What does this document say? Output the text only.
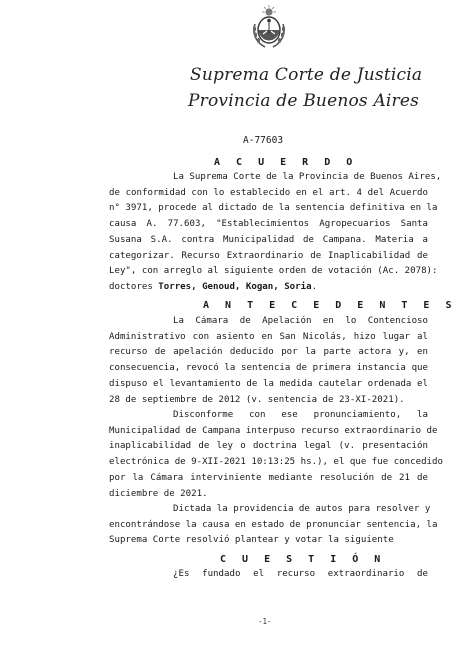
Suprema Corte de Justicia
Provincia de Buenos Aires
A-77603
A C U E R D O
La Suprema Corte de la Provincia de Buenos Aires,
de conformidad con lo establecido en el art. 4 del Acuerdo
n° 3971, procede al dictado de la sentencia definitiva en la
causa A. 77.603, "Establecimientos Agropecuarios Santa
Susana S.A. contra Municipalidad de Campana. Materia a
categorizar. Recurso Extraordinario de Inaplicabilidad de
Ley", con arreglo al siguiente orden de votación (Ac. 2078):
doctores Torres, Genoud, Kogan, Soria.
A N T E C E D E N T E S
La Cámara de Apelación en lo Contencioso
Administrativo con asiento en San Nicolás, hizo lugar al
recurso de apelación deducido por la parte actora y, en
consecuencia, revocó la sentencia de primera instancia que
dispuso el levantamiento de la medida cautelar ordenada el
28 de septiembre de 2012 (v. sentencia de 23-XI-2021).
Disconforme con ese pronunciamiento, la
Municipalidad de Campana interpuso recurso extraordinario de
inaplicabilidad de ley o doctrina legal (v. presentación
electrónica de 9-XII-2021 10:13:25 hs.), el que fue concedido
por la Cámara interviniente mediante resolución de 21 de
diciembre de 2021.
Dictada la providencia de autos para resolver y
encontrándose la causa en estado de pronunciar sentencia, la
Suprema Corte resolvió plantear y votar la siguiente
C U E S T I Ó N
¿Es fundado el recurso extraordinario de
-1-
